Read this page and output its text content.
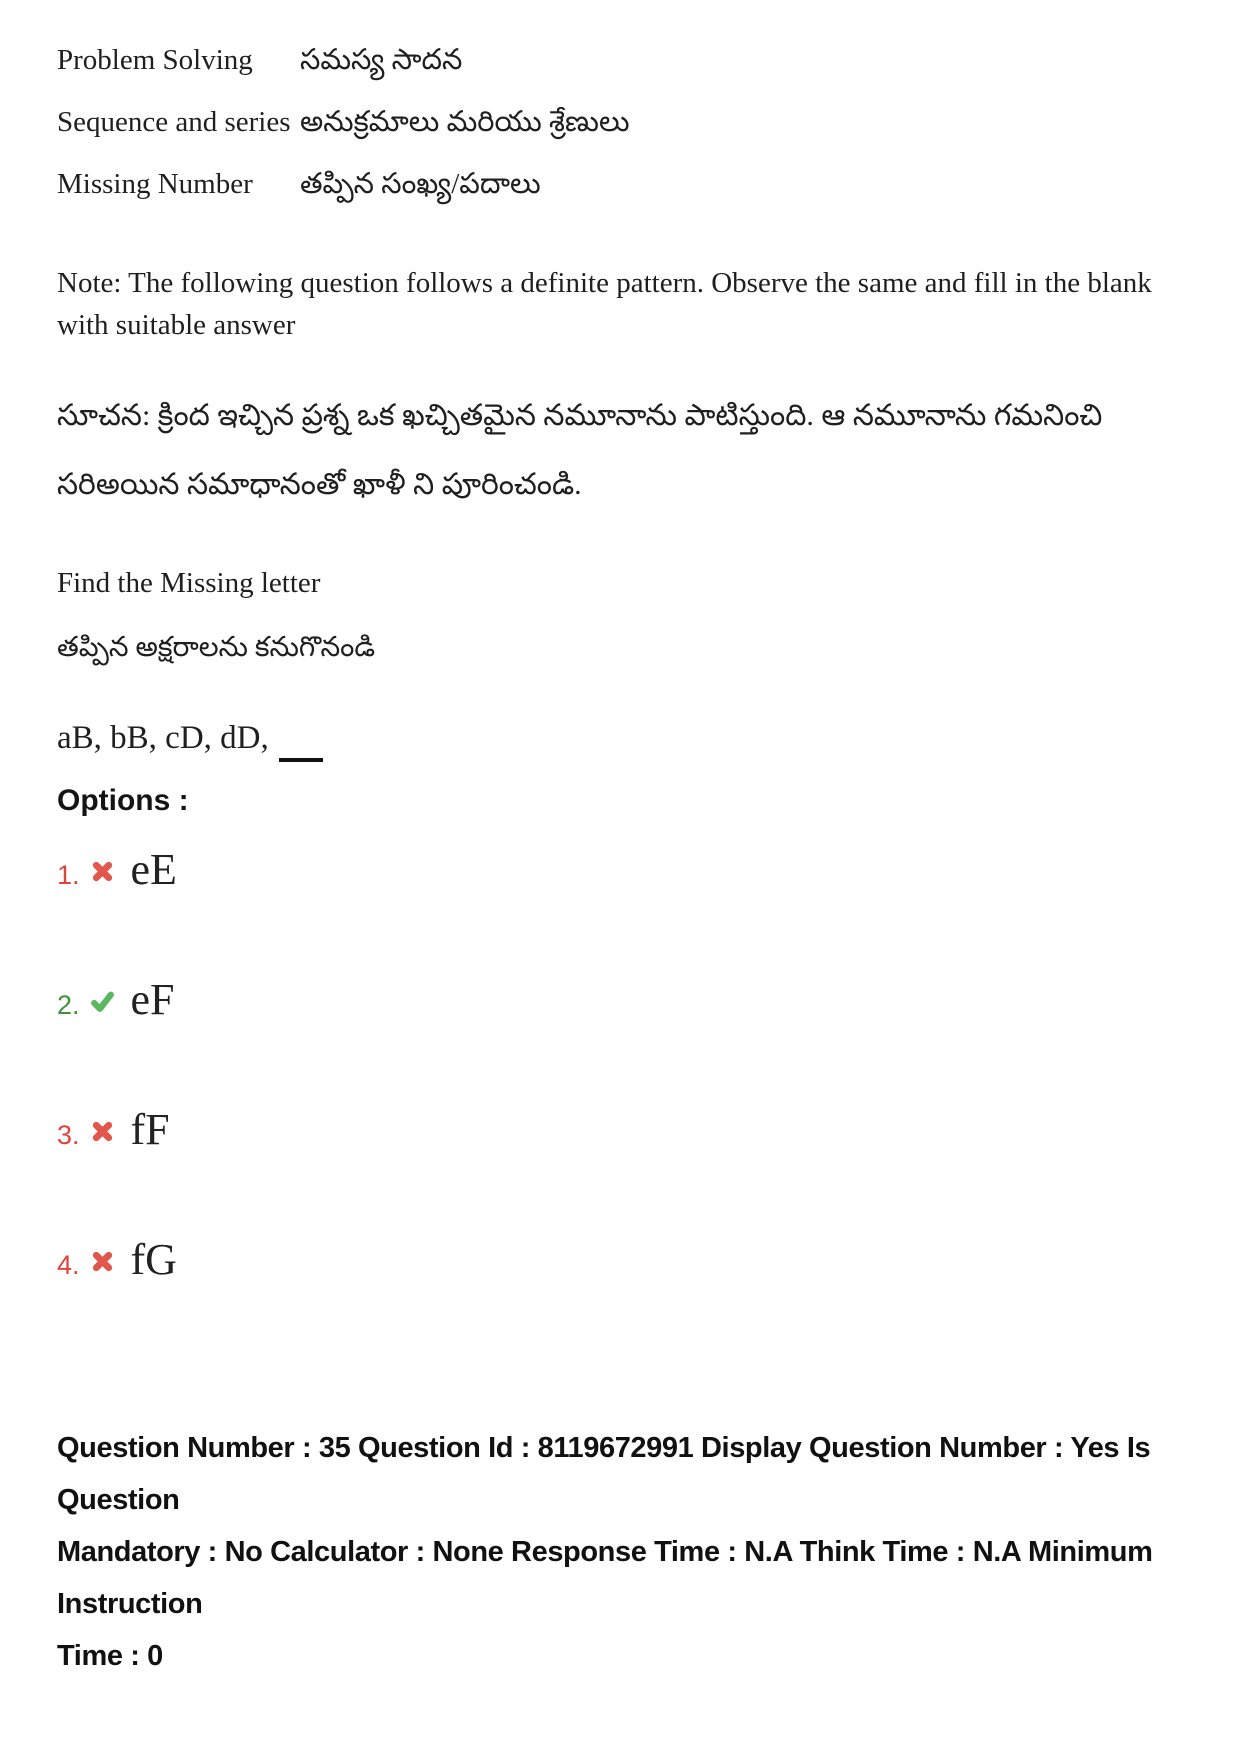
Problem Solving	సమస్య సాదన
Sequence and series అనుక్రమాలు మరియు శ్రేణులు
Missing Number	తప్పిన సంఖ్య/పదాలు
Note: The following question follows a definite pattern. Observe the same and fill in the blank with suitable answer
సూచన: క్రింద ఇచ్చిన ప్రశ్న ఒక ఖచ్చితమైన నమూనాను పాటిస్తుంది. ఆ నమూనాను గమనించి
సరిఅయిన సమాధానంతో ఖాళీ ని పూరించండి.
Find the Missing letter
తప్పిన అక్షరాలను కనుగొనండి
aB, bB, cD, dD,
Options :
1. eE
2. eF
3. fF
4. fG
Question Number : 35 Question Id : 8119672991 Display Question Number : Yes Is Question
Mandatory : No Calculator : None Response Time : N.A Think Time : N.A Minimum Instruction
Time : 0
